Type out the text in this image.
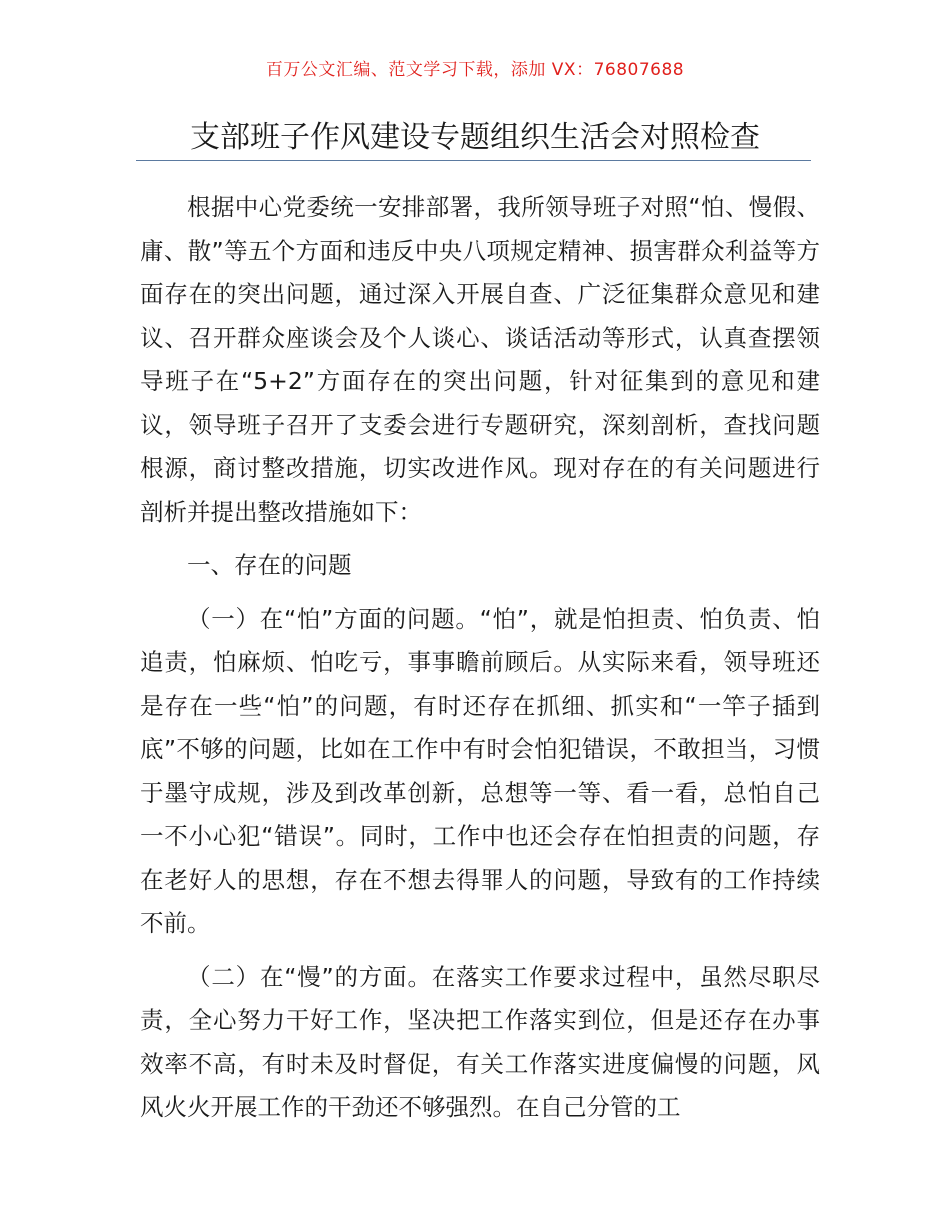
百万公文汇编、范文学习下载，添加 VX：76807688
支部班子作风建设专题组织生活会对照检查

根据中心党委统一安排部署，我所领导班子对照“怕、慢假、庸、散”等五个方面和违反中央八项规定精神、损害群众利益等方面存在的突出问题，通过深入开展自查、广泛征集群众意见和建议、召开群众座谈会及个人谈心、谈话活动等形式，认真查摆领导班子在“5+2”方面存在的突出问题，针对征集到的意见和建议，领导班子召开了支委会进行专题研究，深刻剖析，查找问题根源，商讨整改措施，切实改进作风。现对存在的有关问题进行剖析并提出整改措施如下：

一、存在的问题

（一）在“怕”方面的问题。“怕”，就是怕担责、怕负责、怕追责，怕麻烦、怕吃亏，事事瞻前顾后。从实际来看，领导班还是存在一些“怕”的问题，有时还存在抓细、抓实和“一竿子插到底”不够的问题，比如在工作中有时会怕犯错误，不敢担当，习惯于墨守成规，涉及到改革创新，总想等一等、看一看，总怕自己一不小心犯“错误”。同时，工作中也还会存在怕担责的问题，存在老好人的思想，存在不想去得罪人的问题，导致有的工作持续不前。

（二）在“慢”的方面。在落实工作要求过程中，虽然尽职尽责，全心努力干好工作，坚决把工作落实到位，但是还存在办事效率不高，有时未及时督促，有关工作落实进度偏慢的问题，风风火火开展工作的干劲还不够强烈。在自己分管的工
